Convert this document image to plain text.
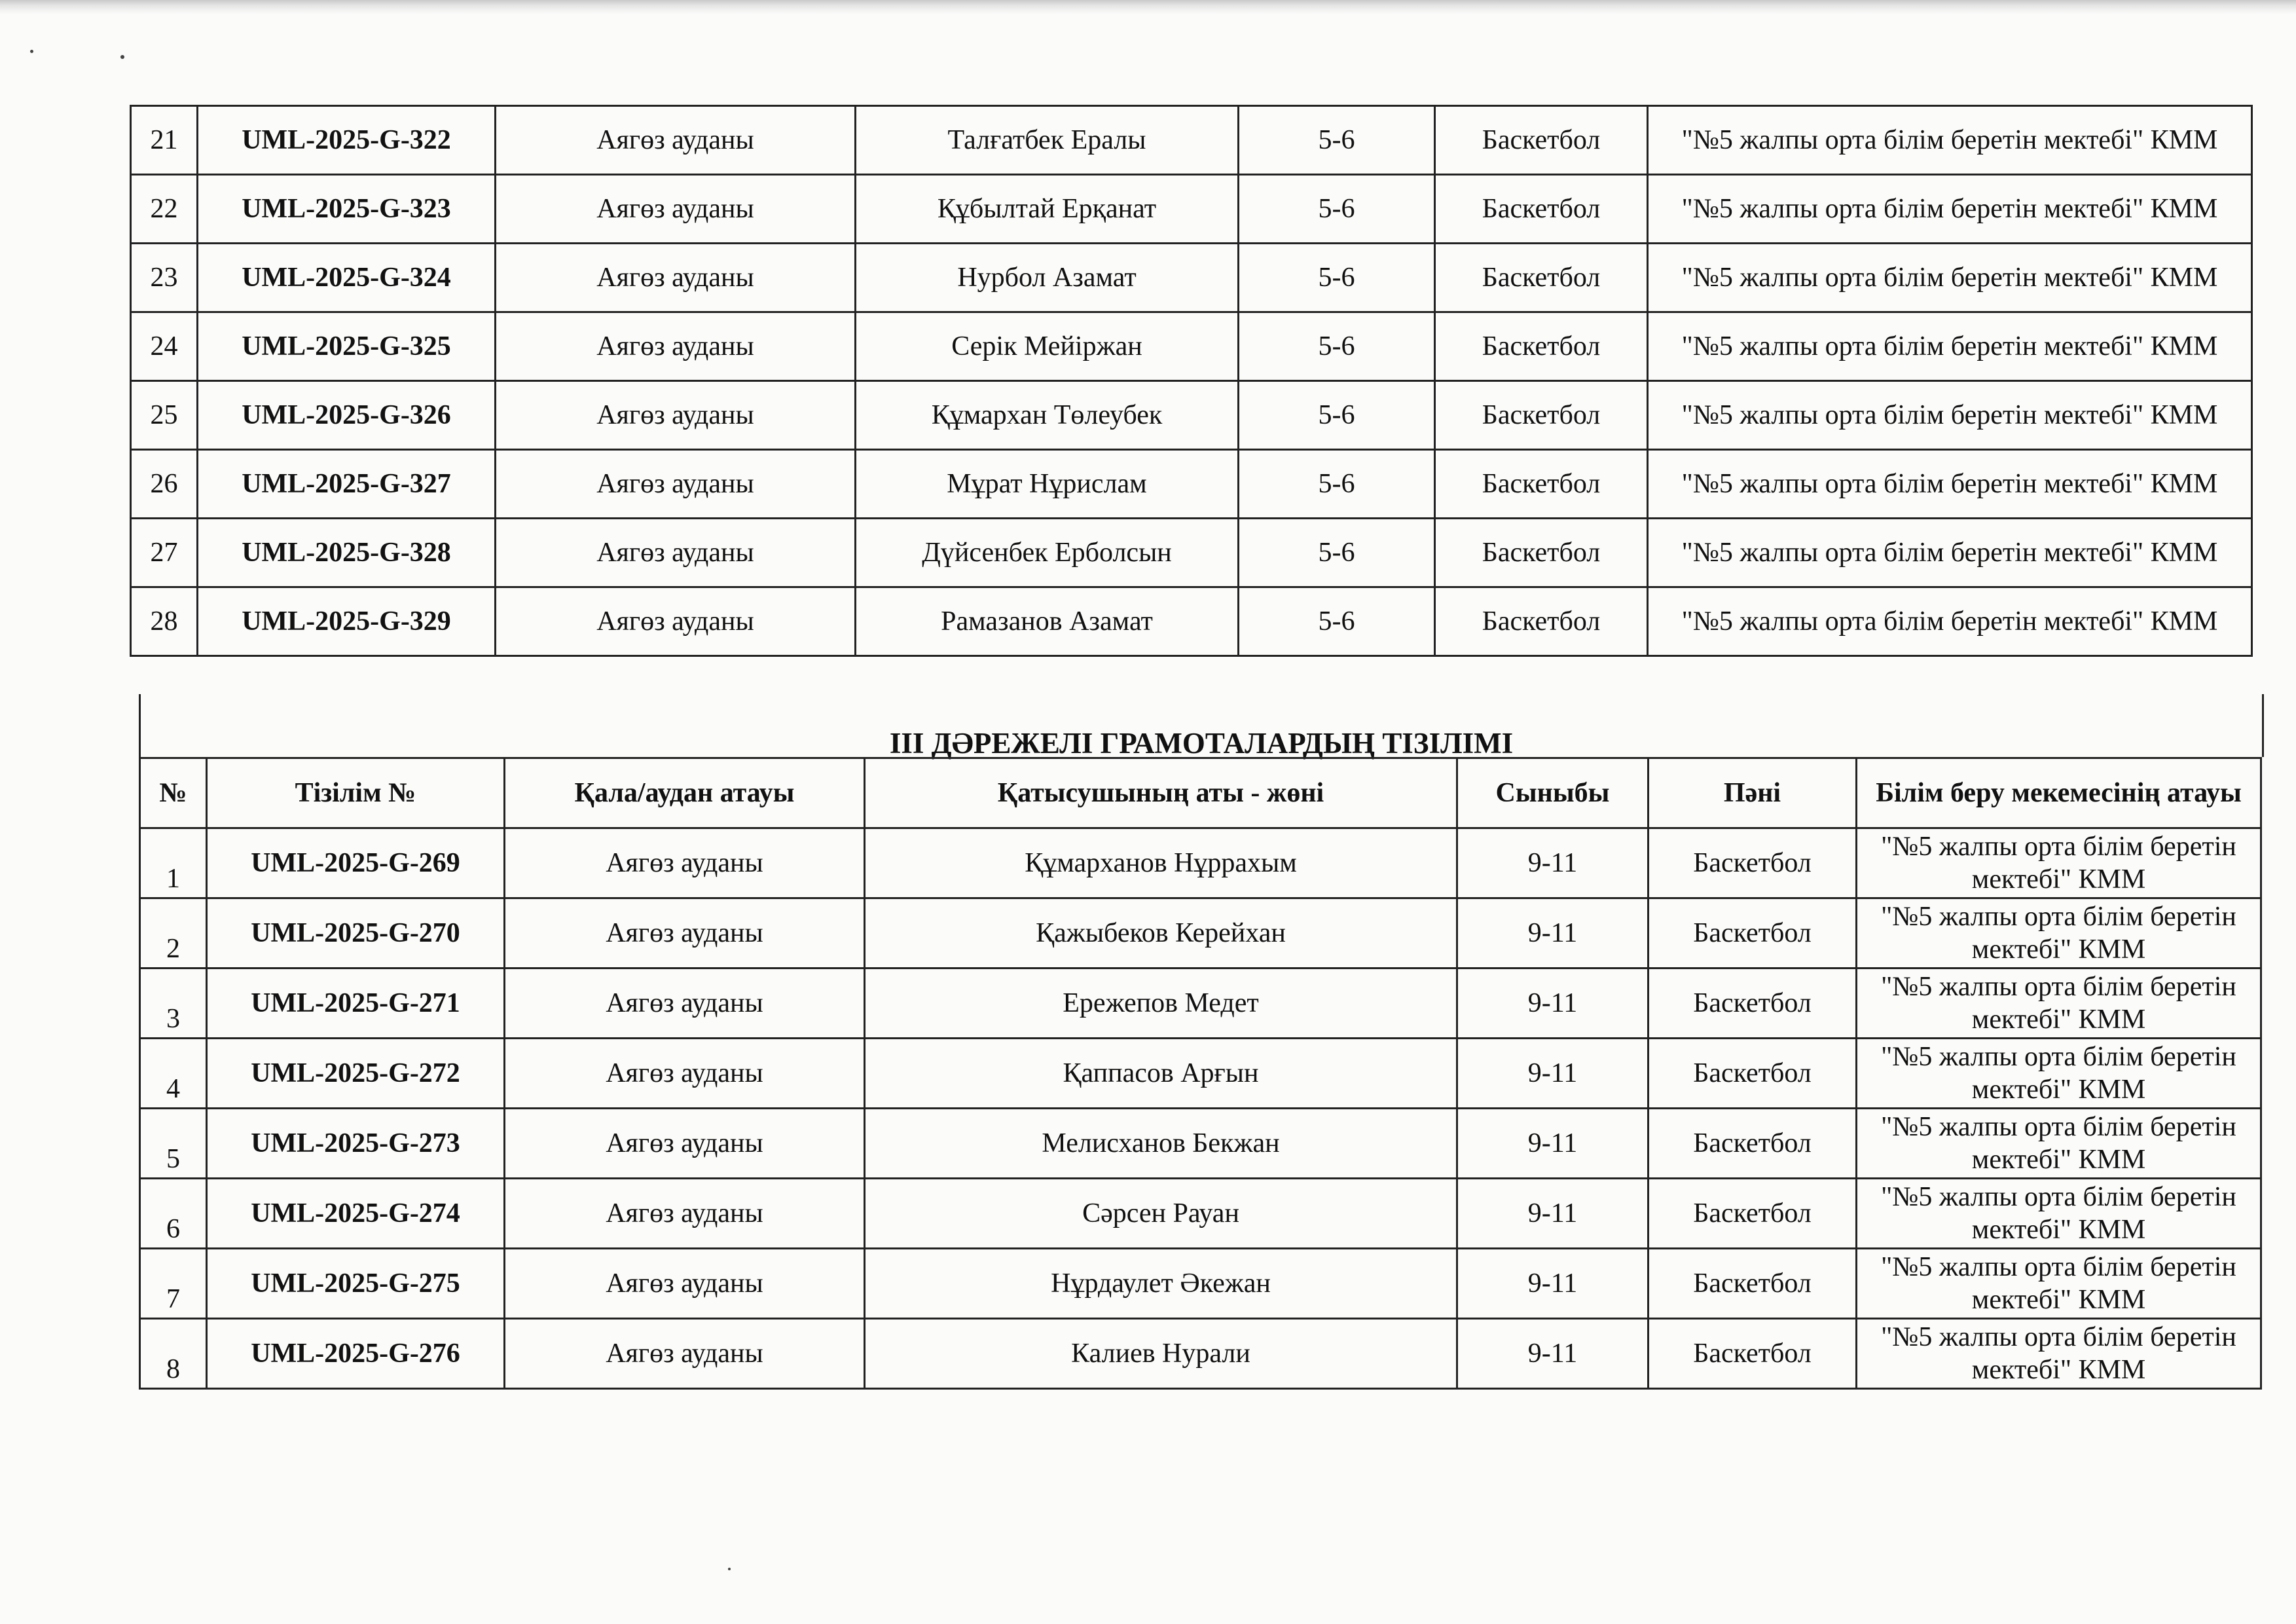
21	UML-2025-G-322	Аягөз ауданы	Талғатбек Ералы	5-6	Баскетбол	"№5 жалпы орта білім беретін мектебі" КММ
22	UML-2025-G-323	Аягөз ауданы	Құбылтай Ерқанат	5-6	Баскетбол	"№5 жалпы орта білім беретін мектебі" КММ
23	UML-2025-G-324	Аягөз ауданы	Нурбол Азамат	5-6	Баскетбол	"№5 жалпы орта білім беретін мектебі" КММ
24	UML-2025-G-325	Аягөз ауданы	Серік Мейіржан	5-6	Баскетбол	"№5 жалпы орта білім беретін мектебі" КММ
25	UML-2025-G-326	Аягөз ауданы	Құмархан Төлеубек	5-6	Баскетбол	"№5 жалпы орта білім беретін мектебі" КММ
26	UML-2025-G-327	Аягөз ауданы	Мұрат Нұрислам	5-6	Баскетбол	"№5 жалпы орта білім беретін мектебі" КММ
27	UML-2025-G-328	Аягөз ауданы	Дүйсенбек Ерболсын	5-6	Баскетбол	"№5 жалпы орта білім беретін мектебі" КММ
28	UML-2025-G-329	Аягөз ауданы	Рамазанов Азамат	5-6	Баскетбол	"№5 жалпы орта білім беретін мектебі" КММ
ІІІ ДӘРЕЖЕЛІ ГРАМОТАЛАРДЫҢ ТІЗІЛІМІ
№	Тізілім №	Қала/аудан атауы	Қатысушының аты - жөні	Сыныбы	Пәні	Білім беру мекемесінің атауы
1	UML-2025-G-269	Аягөз ауданы	Құмарханов Нұррахым	9-11	Баскетбол	"№5 жалпы орта білім беретін мектебі" КММ
2	UML-2025-G-270	Аягөз ауданы	Қажыбеков Керейхан	9-11	Баскетбол	"№5 жалпы орта білім беретін мектебі" КММ
3	UML-2025-G-271	Аягөз ауданы	Ережепов Медет	9-11	Баскетбол	"№5 жалпы орта білім беретін мектебі" КММ
4	UML-2025-G-272	Аягөз ауданы	Қаппасов Арғын	9-11	Баскетбол	"№5 жалпы орта білім беретін мектебі" КММ
5	UML-2025-G-273	Аягөз ауданы	Мелисханов Бекжан	9-11	Баскетбол	"№5 жалпы орта білім беретін мектебі" КММ
6	UML-2025-G-274	Аягөз ауданы	Сәрсен Рауан	9-11	Баскетбол	"№5 жалпы орта білім беретін мектебі" КММ
7	UML-2025-G-275	Аягөз ауданы	Нұрдаулет Әкежан	9-11	Баскетбол	"№5 жалпы орта білім беретін мектебі" КММ
8	UML-2025-G-276	Аягөз ауданы	Калиев Нурали	9-11	Баскетбол	"№5 жалпы орта білім беретін мектебі" КММ
